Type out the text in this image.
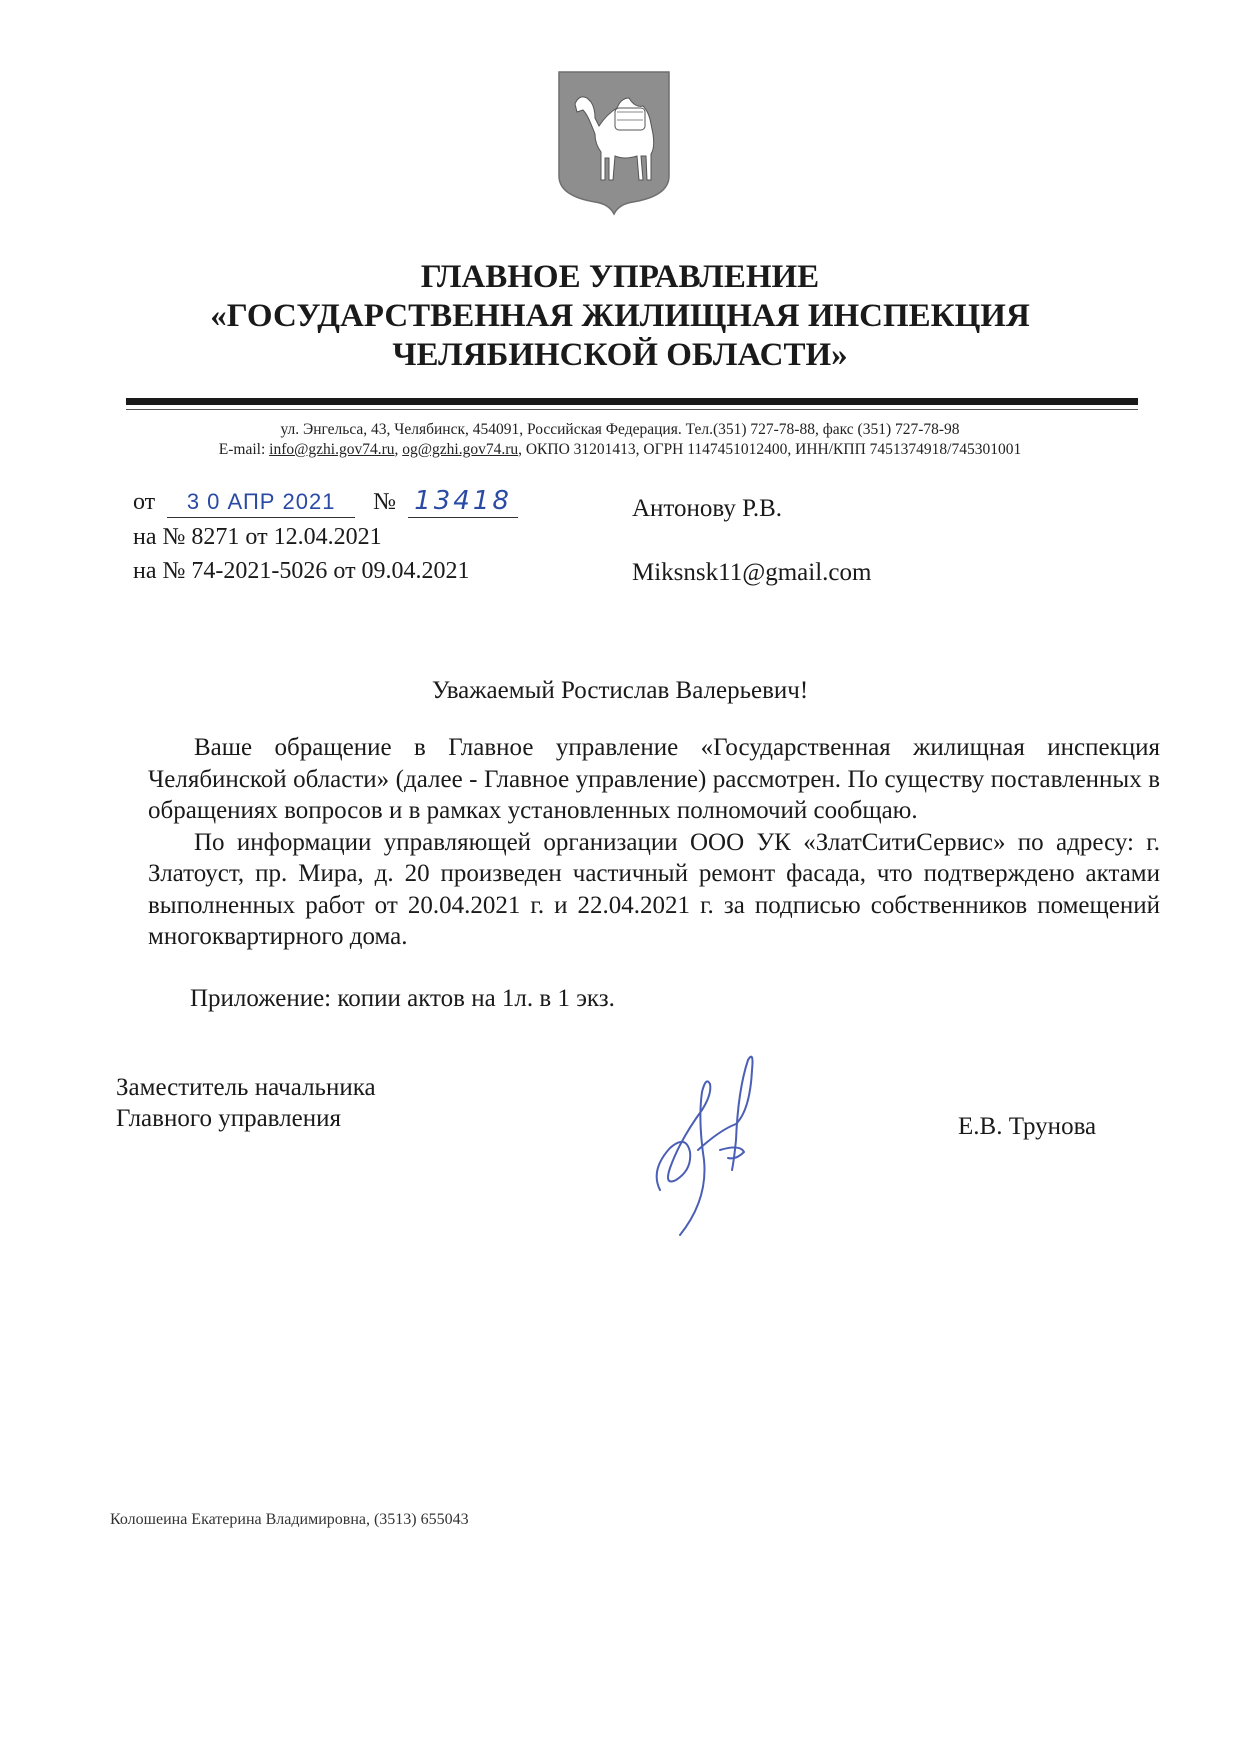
ГЛАВНОЕ УПРАВЛЕНИЕ
«ГОСУДАРСТВЕННАЯ ЖИЛИЩНАЯ ИНСПЕКЦИЯ
ЧЕЛЯБИНСКОЙ ОБЛАСТИ»
ул. Энгельса, 43, Челябинск, 454091, Российская Федерация. Тел.(351) 727-78-88, факс (351) 727-78-98
E-mail: info@gzhi.gov74.ru, og@gzhi.gov74.ru, ОКПО 31201413, ОГРН 1147451012400, ИНН/КПП 7451374918/745301001
от 3 0 АПР 2021 № 13418
на № 8271 от 12.04.2021
на № 74-2021-5026 от 09.04.2021
Антонову Р.В.
Miksnsk11@gmail.com
Уважаемый Ростислав Валерьевич!

Ваше обращение в Главное управление «Государственная жилищная инспекция Челябинской области» (далее - Главное управление) рассмотрен. По существу поставленных в обращениях вопросов и в рамках установленных полномочий сообщаю.

По информации управляющей организации ООО УК «ЗлатСитиСервис» по адресу: г. Златоуст, пр. Мира, д. 20 произведен частичный ремонт фасада, что подтверждено актами выполненных работ от 20.04.2021 г. и 22.04.2021 г. за подписью собственников помещений многоквартирного дома.

Приложение: копии актов на 1л. в 1 экз.
Заместитель начальника
Главного управления	Е.В. Трунова
Колошеина Екатерина Владимировна, (3513) 655043
